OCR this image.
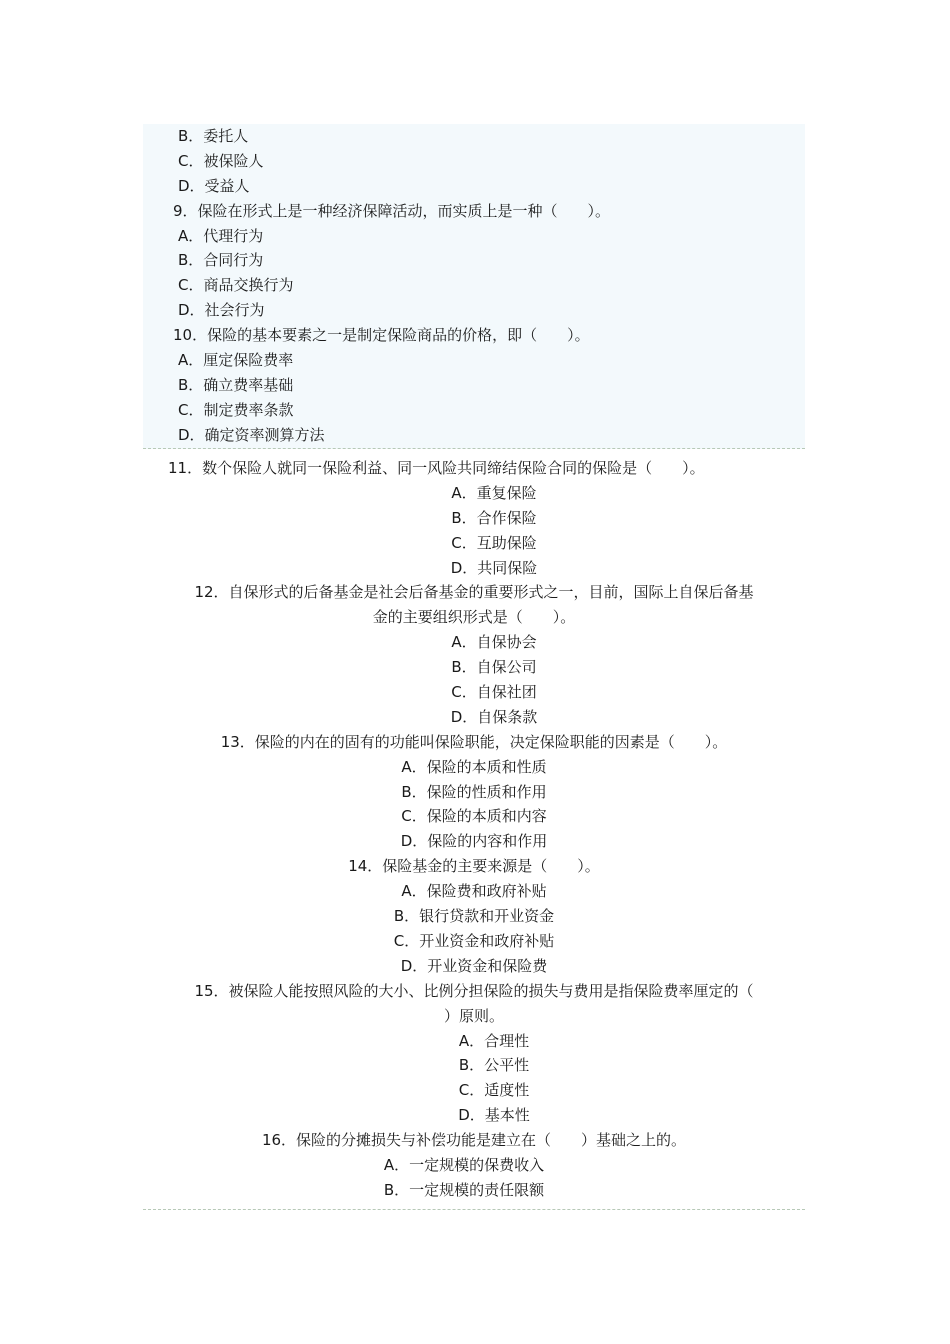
B．委托人
C．被保险人
D．受益人
9．保险在形式上是一种经济保障活动，而实质上是一种（　　）。
A．代理行为
B．合同行为
C．商品交换行为
D．社会行为
10．保险的基本要素之一是制定保险商品的价格，即（　　）。
A．厘定保险费率
B．确立费率基础
C．制定费率条款
D．确定资率测算方法
11．数个保险人就同一保险利益、同一风险共同缔结保险合同的保险是（　　）。
A．重复保险
B．合作保险
C．互助保险
D．共同保险
12．自保形式的后备基金是社会后备基金的重要形式之一，目前，国际上自保后备基
金的主要组织形式是（　　）。
A．自保协会
B．自保公司
C．自保社团
D．自保条款
13．保险的内在的固有的功能叫保险职能，决定保险职能的因素是（　　）。
A．保险的本质和性质
B．保险的性质和作用
C．保险的本质和内容
D．保险的内容和作用
14．保险基金的主要来源是（　　）。
A．保险费和政府补贴
B．银行贷款和开业资金
C．开业资金和政府补贴
D．开业资金和保险费
15．被保险人能按照风险的大小、比例分担保险的损失与费用是指保险费率厘定的（
）原则。
A．合理性
B．公平性
C．适度性
D．基本性
16．保险的分摊损失与补偿功能是建立在（　　）基础之上的。
A．一定规模的保费收入
B．一定规模的责任限额
